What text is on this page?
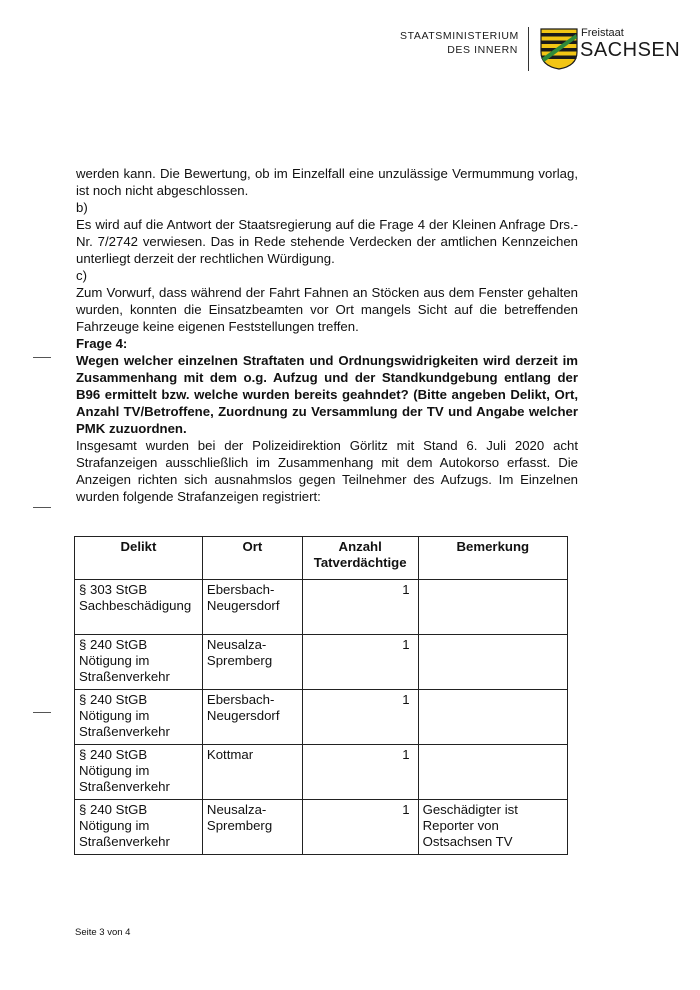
STAATSMINISTERIUM
DES INNERN
Freistaat
SACHSEN

werden kann. Die Bewertung, ob im Einzelfall eine unzulässige Vermummung vorlag, ist noch nicht abgeschlossen.

b)

Es wird auf die Antwort der Staatsregierung auf die Frage 4 der Kleinen Anfrage Drs.-Nr. 7/2742 verwiesen. Das in Rede stehende Verdecken der amtlichen Kennzeichen unterliegt derzeit der rechtlichen Würdigung.

c)

Zum Vorwurf, dass während der Fahrt Fahnen an Stöcken aus dem Fenster gehalten wurden, konnten die Einsatzbeamten vor Ort mangels Sicht auf die betreffenden Fahrzeuge keine eigenen Feststellungen treffen.

Frage 4:

Wegen welcher einzelnen Straftaten und Ordnungswidrigkeiten wird derzeit im Zusammenhang mit dem o.g. Aufzug und der Standkundgebung entlang der B96 ermittelt bzw. welche wurden bereits geahndet? (Bitte angeben Delikt, Ort, Anzahl TV/Betroffene, Zuordnung zu Versammlung der TV und Angabe welcher PMK zuzuordnen.

Insgesamt wurden bei der Polizeidirektion Görlitz mit Stand 6. Juli 2020 acht Strafanzeigen ausschließlich im Zusammenhang mit dem Autokorso erfasst. Die Anzeigen richten sich ausnahmslos gegen Teilnehmer des Aufzugs. Im Einzelnen wurden folgende Strafanzeigen registriert:

Delikt	Ort	Anzahl Tatverdächtige	Bemerkung
§ 303 StGB Sachbeschädigung	Ebersbach-Neugersdorf	1	
§ 240 StGB Nötigung im Straßenverkehr	Neusalza-Spremberg	1	
§ 240 StGB Nötigung im Straßenverkehr	Ebersbach-Neugersdorf	1	
§ 240 StGB Nötigung im Straßenverkehr	Kottmar	1	
§ 240 StGB Nötigung im Straßenverkehr	Neusalza-Spremberg	1	Geschädigter ist Reporter von Ostsachsen TV
Seite 3 von 4
